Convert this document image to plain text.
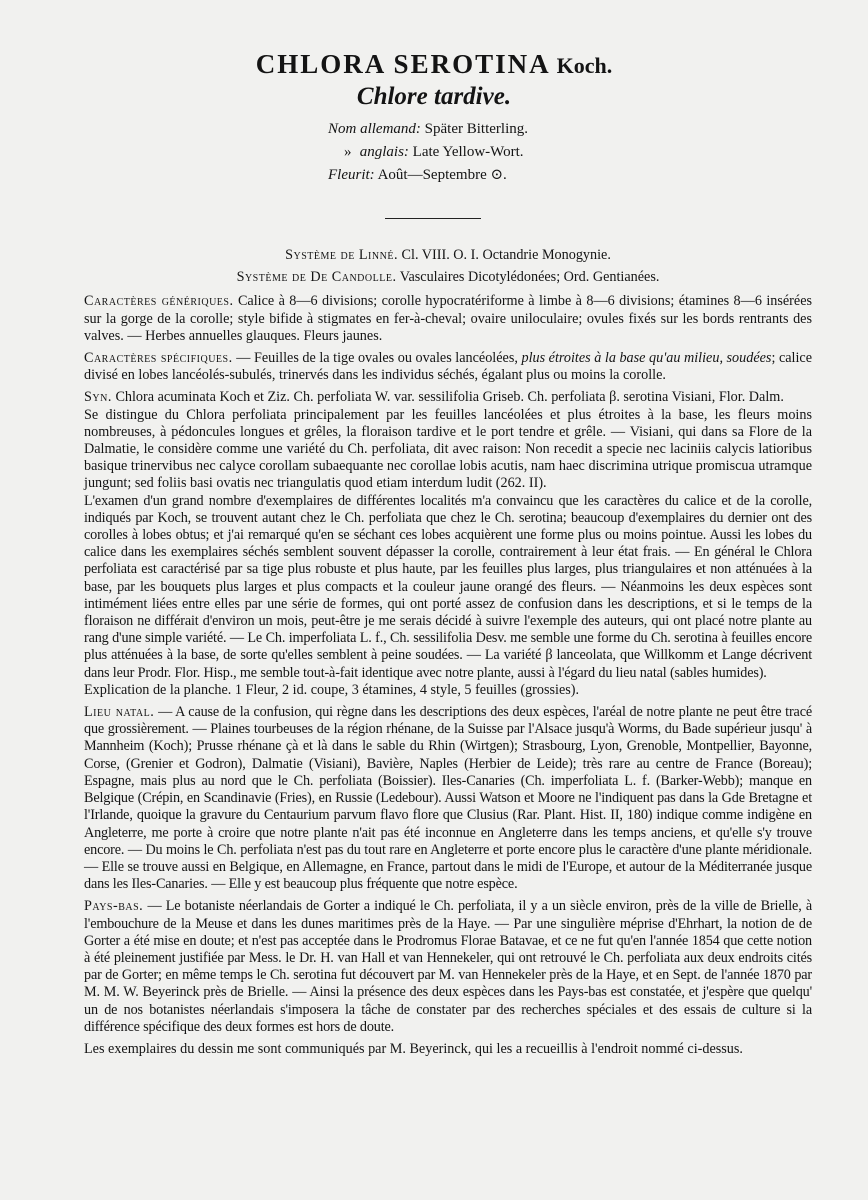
CHLORA SEROTINA Koch.
Chlore tardive.
Nom allemand: Später Bitterling.
» anglais: Late Yellow-Wort.
Fleurit: Août—Septembre ⊙.

Système de Linné. Cl. VIII. O. I. Octandrie Monogynie.

Système de De Candolle. Vasculaires Dicotylédonées; Ord. Gentianées.

Caractères génériques. Calice à 8—6 divisions; corolle hypocratériforme à limbe à 8—6 divisions; étamines 8—6 insérées sur la gorge de la corolle; style bifide à stigmates en fer-à-cheval; ovaire uniloculaire; ovules fixés sur les bords rentrants des valves. — Herbes annuelles glauques. Fleurs jaunes.

Caractères spécifiques. — Feuilles de la tige ovales ou ovales lancéolées, plus étroites à la base qu'au milieu, soudées; calice divisé en lobes lancéolés-subulés, trinervés dans les individus séchés, égalant plus ou moins la corolle.

Syn. Chlora acuminata Koch et Ziz. Ch. perfoliata W. var. sessilifolia Griseb. Ch. perfoliata β. serotina Visiani, Flor. Dalm.

Se distingue du Chlora perfoliata principalement par les feuilles lancéolées et plus étroites à la base, les fleurs moins nombreuses, à pédoncules longues et grêles, la floraison tardive et le port tendre et grêle. — Visiani, qui dans sa Flore de la Dalmatie, le considère comme une variété du Ch. perfoliata, dit avec raison: Non recedit a specie nec laciniis calycis latioribus basique trinervibus nec calyce corollam subaequante nec corollae lobis acutis, nam haec discrimina utrique promiscua utramque jungunt; sed foliis basi ovatis nec triangulatis quod etiam interdum ludit (262. II).

L'examen d'un grand nombre d'exemplaires de différentes localités m'a convaincu que les caractères du calice et de la corolle, indiqués par Koch, se trouvent autant chez le Ch. perfoliata que chez le Ch. serotina; beaucoup d'exemplaires du dernier ont des corolles à lobes obtus; et j'ai remarqué qu'en se séchant ces lobes acquièrent une forme plus ou moins pointue. Aussi les lobes du calice dans les exemplaires séchés semblent souvent dépasser la corolle, contrairement à leur état frais. — En général le Chlora perfoliata est caractérisé par sa tige plus robuste et plus haute, par les feuilles plus larges, plus triangulaires et non atténuées à la base, par les bouquets plus larges et plus compacts et la couleur jaune orangé des fleurs. — Néanmoins les deux espèces sont intimément liées entre elles par une série de formes, qui ont porté assez de confusion dans les descriptions, et si le temps de la floraison ne différait d'environ un mois, peut-être je me serais décidé à suivre l'exemple des auteurs, qui ont placé notre plante au rang d'une simple variété. — Le Ch. imperfoliata L. f., Ch. sessilifolia Desv. me semble une forme du Ch. serotina à feuilles encore plus atténuées à la base, de sorte qu'elles semblent à peine soudées. — La variété β lanceolata, que Willkomm et Lange décrivent dans leur Prodr. Flor. Hisp., me semble tout-à-fait identique avec notre plante, aussi à l'égard du lieu natal (sables humides).

Explication de la planche. 1 Fleur, 2 id. coupe, 3 étamines, 4 style, 5 feuilles (grossies).

Lieu natal. — A cause de la confusion, qui règne dans les descriptions des deux espèces, l'aréal de notre plante ne peut être tracé que grossièrement. — Plaines tourbeuses de la région rhénane, de la Suisse par l'Alsace jusqu'à Worms, du Bade supérieur jusqu' à Mannheim (Koch); Prusse rhénane çà et là dans le sable du Rhin (Wirtgen); Strasbourg, Lyon, Grenoble, Montpellier, Bayonne, Corse, (Grenier et Godron), Dalmatie (Visiani), Bavière, Naples (Herbier de Leide); très rare au centre de France (Boreau); Espagne, mais plus au nord que le Ch. perfoliata (Boissier). Iles-Canaries (Ch. imperfoliata L. f. (Barker-Webb); manque en Belgique (Crépin, en Scandinavie (Fries), en Russie (Ledebour). Aussi Watson et Moore ne l'indiquent pas dans la Gde Bretagne et l'Irlande, quoique la gravure du Centaurium parvum flavo flore que Clusius (Rar. Plant. Hist. II, 180) indique comme indigène en Angleterre, me porte à croire que notre plante n'ait pas été inconnue en Angleterre dans les temps anciens, et qu'elle s'y trouve encore. — Du moins le Ch. perfoliata n'est pas du tout rare en Angleterre et porte encore plus le caractère d'une plante méridionale. — Elle se trouve aussi en Belgique, en Allemagne, en France, partout dans le midi de l'Europe, et autour de la Méditerranée jusque dans les Iles-Canaries. — Elle y est beaucoup plus fréquente que notre espèce.

Pays-bas. — Le botaniste néerlandais de Gorter a indiqué le Ch. perfoliata, il y a un siècle environ, près de la ville de Brielle, à l'embouchure de la Meuse et dans les dunes maritimes près de la Haye. — Par une singulière méprise d'Ehrhart, la notion de de Gorter a été mise en doute; et n'est pas acceptée dans le Prodromus Florae Batavae, et ce ne fut qu'en l'année 1854 que cette notion à été pleinement justifiée par Mess. le Dr. H. van Hall et van Hennekeler, qui ont retrouvé le Ch. perfoliata aux deux endroits cités par de Gorter; en même temps le Ch. serotina fut découvert par M. van Hennekeler près de la Haye, et en Sept. de l'année 1870 par M. M. W. Beyerinck près de Brielle. — Ainsi la présence des deux espèces dans les Pays-bas est constatée, et j'espère que quelqu' un de nos botanistes néerlandais s'imposera la tâche de constater par des recherches spéciales et des essais de culture si la différence spécifique des deux formes est hors de doute.

Les exemplaires du dessin me sont communiqués par M. Beyerinck, qui les a recueillis à l'endroit nommé ci-dessus.
